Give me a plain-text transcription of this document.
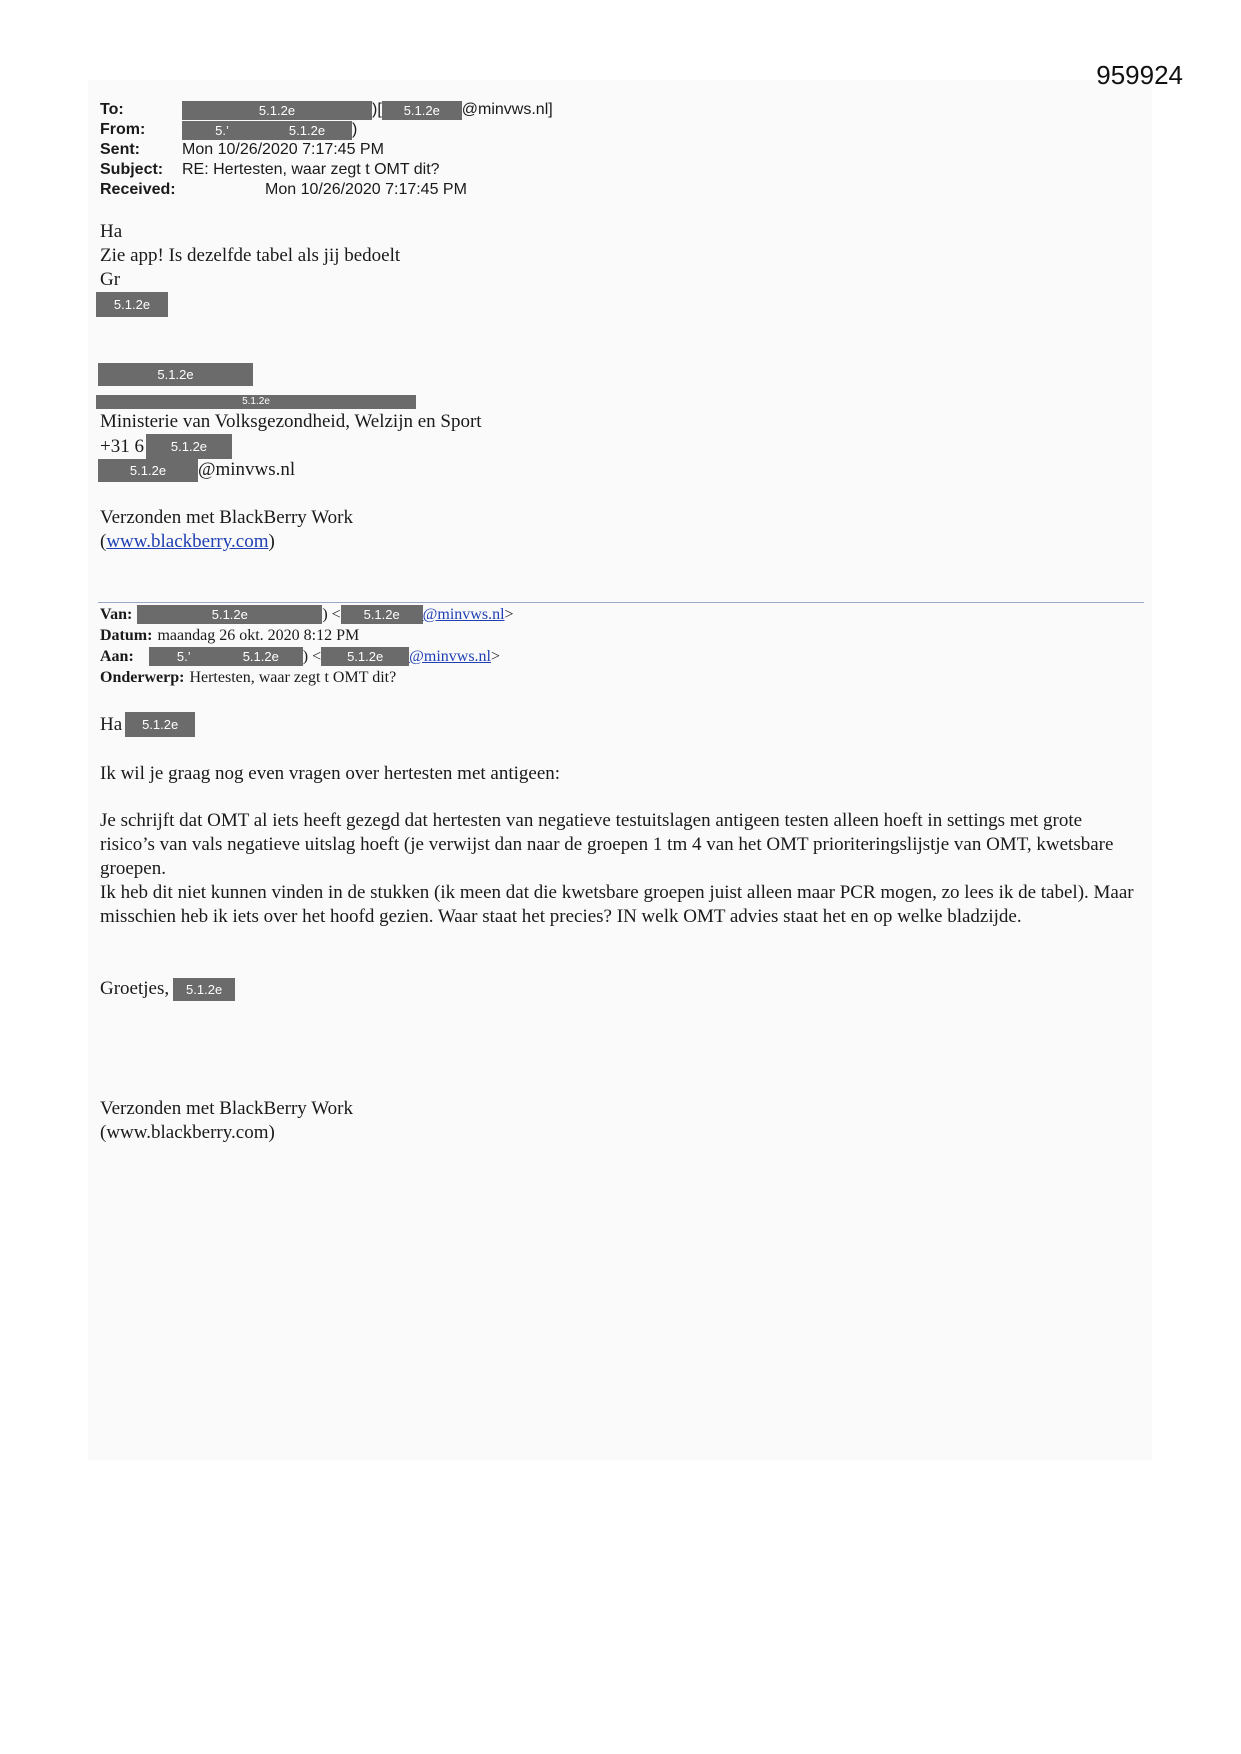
959924
To:	5.1.2e	)[	5.1.2e	@minvws.nl]
From:	5.’	5.1.2e	)
Sent:	Mon 10/26/2020 7:17:45 PM
Subject:	RE: Hertesten, waar zegt t OMT dit?
Received:	Mon 10/26/2020 7:17:45 PM
Ha
Zie app! Is dezelfde tabel als jij bedoelt
Gr
5.1.2e
5.1.2e
5.1.2e
Ministerie van Volksgezondheid, Welzijn en Sport
+31 6	5.1.2e
5.1.2e	@minvws.nl
Verzonden met BlackBerry Work
(www.blackberry.com)
Van:	5.1.2e	) <	5.1.2e	@minvws.nl >
Datum: maandag 26 okt. 2020 8:12 PM
Aan:	5.’	5.1.2e	) <	5.1.2e	@minvws.nl >
Onderwerp: Hertesten, waar zegt t OMT dit?
Ha	5.1.2e
Ik wil je graag nog even vragen over hertesten met antigeen:
Je schrijft dat OMT al iets heeft gezegd dat hertesten van negatieve testuitslagen antigeen testen alleen hoeft in settings met grote risico’s van vals negatieve uitslag hoeft (je verwijst dan naar de groepen 1 tm 4 van het OMT prioriteringslijstje van OMT, kwetsbare groepen.
Ik heb dit niet kunnen vinden in de stukken (ik meen dat die kwetsbare groepen juist alleen maar PCR mogen, zo lees ik de tabel). Maar misschien heb ik iets over het hoofd gezien. Waar staat het precies? IN welk OMT advies staat het en op welke bladzijde.
Groetjes,	5.1.2e
Verzonden met BlackBerry Work
(www.blackberry.com)
